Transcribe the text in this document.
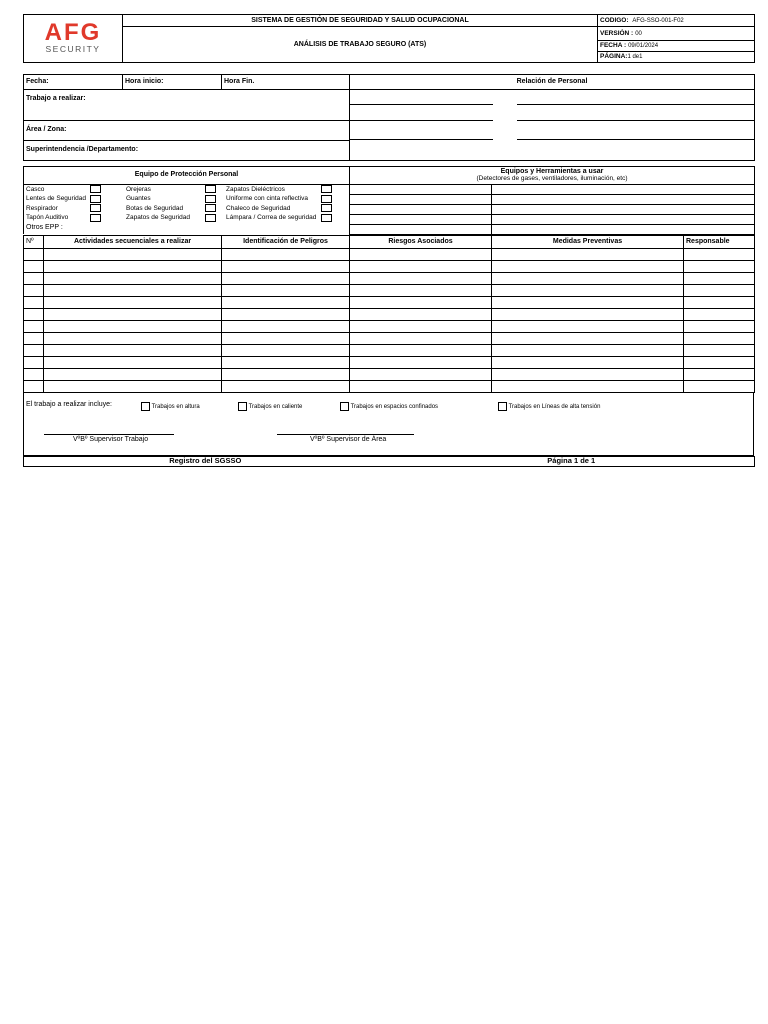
AFG
SECURITY	SISTEMA DE GESTIÓN DE SEGURIDAD Y SALUD OCUPACIONAL	CODIGO: AFG-SSO-001-F02
	ANÁLISIS DE TRABAJO SEGURO (ATS)	VERSIÓN : 00
		FECHA : 09/01/2024
		PÁGINA:1 de1
Fecha:	Hora inicio:	Hora Fin.	Relación de Personal
Trabajo a realizar:			

Área / Zona:			
Superintendencia /Departamento:			
Equipo de Protección Personal	Equipos y Herramientas a usar
(Detectores de gases, ventiladores, iluminación, etc)

Casco		Orejeras		Zapatos Dieléctricos	
Lentes de Seguridad		Guantes		Uniforme con cinta reflectiva	
Respirador		Botas de Seguridad		Chaleco de Seguridad	
Tapón Auditivo		Zapatos de Seguridad		Lámpara / Correa de seguridad	
Otros EPP :

Nº	Actividades secuenciales a realizar	Identificación de Peligros	Riesgos Asociados	Medidas Preventivas	Responsable

El trabajo a realizar incluye:	Trabajos en altura	Trabajos en caliente	Trabajos en espacios confinados	Trabajos en Líneas de alta tensión
VºBº Supervisor Trabajo	VºBº Supervisor de Área
Registro del SGSSO	Página 1 de 1
